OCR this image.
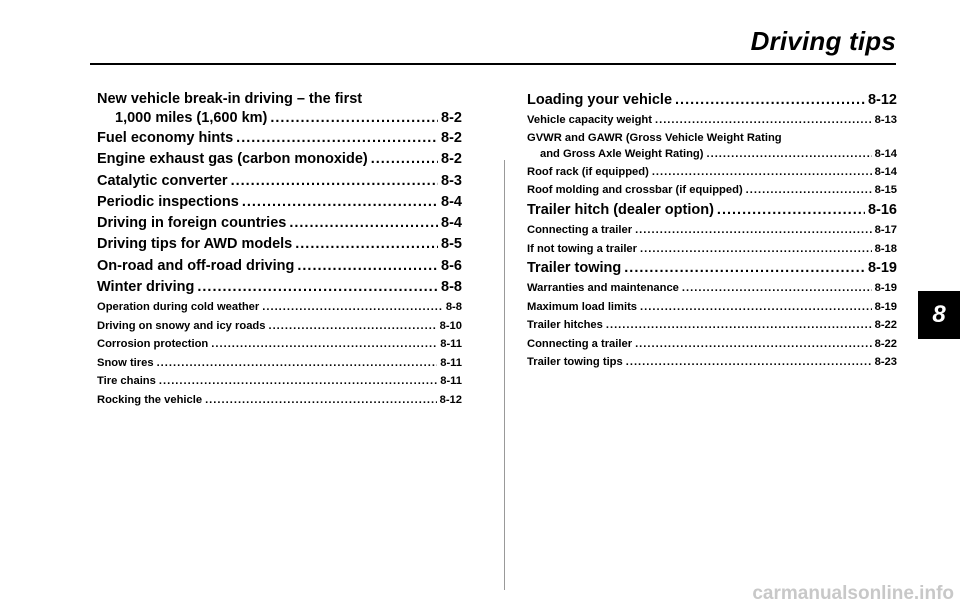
Driving tips
New vehicle break-in driving – the first
1,000 miles (1,600 km) .....	8-2
Fuel economy hints .....	8-2
Engine exhaust gas (carbon monoxide) .....	8-2
Catalytic converter .....	8-3
Periodic inspections .....	8-4
Driving in foreign countries .....	8-4
Driving tips for AWD models .....	8-5
On-road and off-road driving .....	8-6
Winter driving .....	8-8
Operation during cold weather .....	8-8
Driving on snowy and icy roads .....	8-10
Corrosion protection .....	8-11
Snow tires .....	8-11
Tire chains .....	8-11
Rocking the vehicle .....	8-12
Loading your vehicle .....	8-12
Vehicle capacity weight .....	8-13
GVWR and GAWR (Gross Vehicle Weight Rating
and Gross Axle Weight Rating) .....	8-14
Roof rack (if equipped) .....	8-14
Roof molding and crossbar (if equipped) .....	8-15
Trailer hitch (dealer option) .....	8-16
Connecting a trailer .....	8-17
If not towing a trailer .....	8-18
Trailer towing .....	8-19
Warranties and maintenance .....	8-19
Maximum load limits .....	8-19
Trailer hitches .....	8-22
Connecting a trailer .....	8-22
Trailer towing tips .....	8-23
8
carmanualsonline.info
